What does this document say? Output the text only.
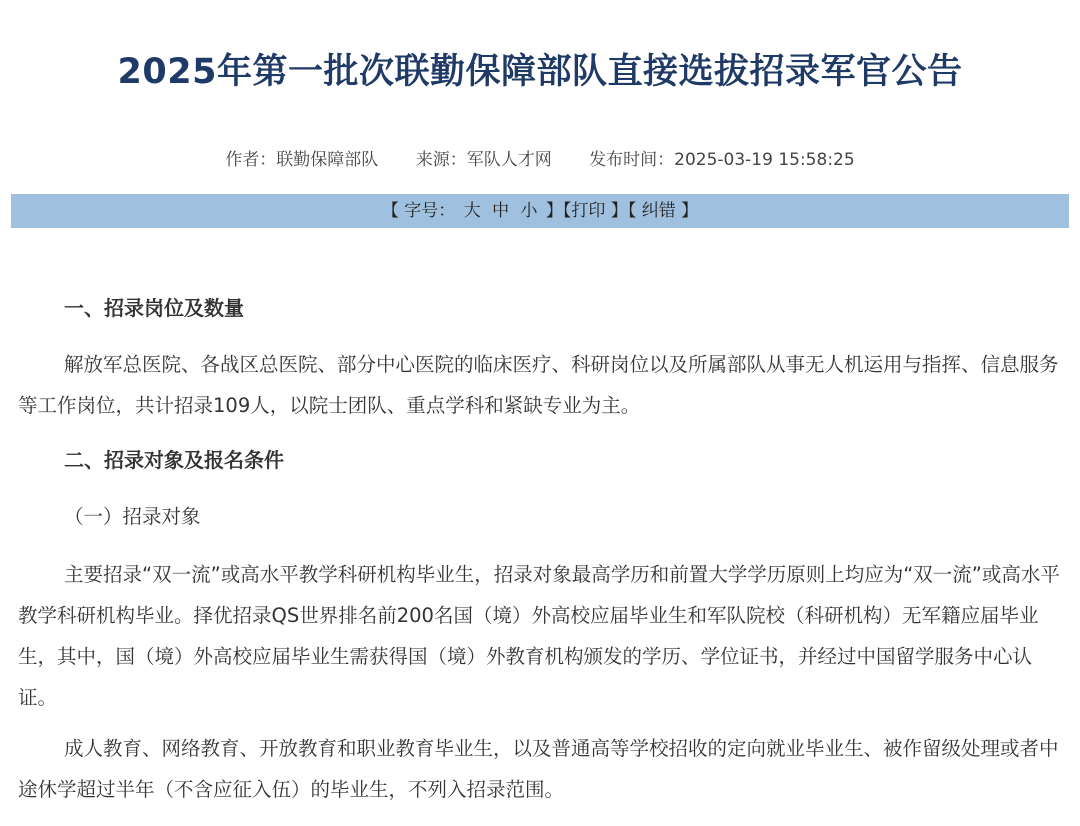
2025年第一批次联勤保障部队直接选拔招录军官公告
作者：联勤保障部队 来源：军队人才网 发布时间：2025-03-19 15:58:25
【 字号： 大 中 小 】【打印 】【 纠错 】

一、招录岗位及数量

解放军总医院、各战区总医院、部分中心医院的临床医疗、科研岗位以及所属部队从事无人机运用与指挥、信息服务等工作岗位，共计招录109人，以院士团队、重点学科和紧缺专业为主。

二、招录对象及报名条件

（一）招录对象

主要招录“双一流”或高水平教学科研机构毕业生，招录对象最高学历和前置大学学历原则上均应为“双一流”或高水平教学科研机构毕业。择优招录QS世界排名前200名国（境）外高校应届毕业生和军队院校（科研机构）无军籍应届毕业生，其中，国（境）外高校应届毕业生需获得国（境）外教育机构颁发的学历、学位证书，并经过中国留学服务中心认证。

成人教育、网络教育、开放教育和职业教育毕业生，以及普通高等学校招收的定向就业毕业生、被作留级处理或者中途休学超过半年（不含应征入伍）的毕业生，不列入招录范围。
